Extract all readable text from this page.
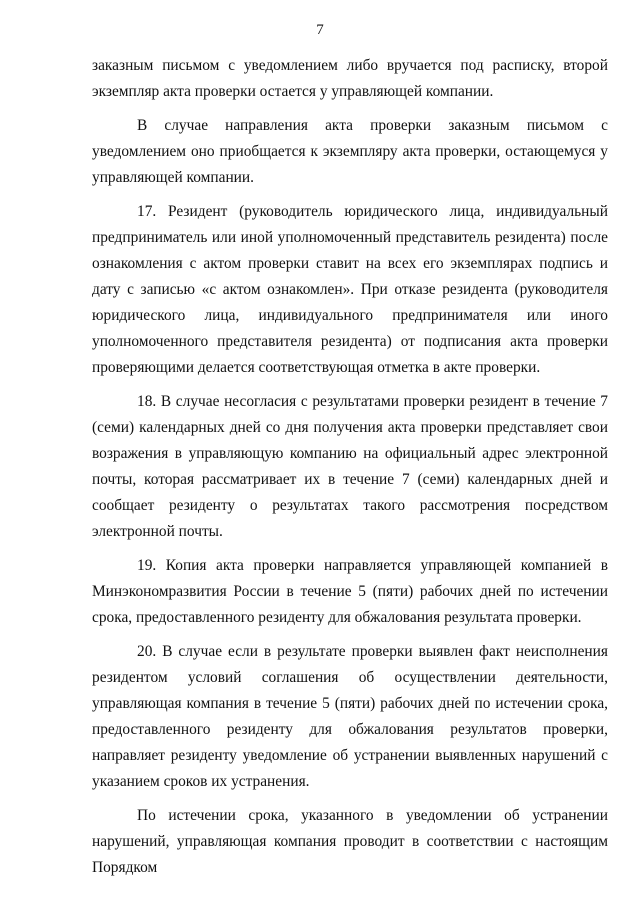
7

заказным письмом с уведомлением либо вручается под расписку, второй экземпляр акта проверки остается у управляющей компании.

В случае направления акта проверки заказным письмом с уведомлением оно приобщается к экземпляру акта проверки, остающемуся у управляющей компании.

17. Резидент (руководитель юридического лица, индивидуальный предприниматель или иной уполномоченный представитель резидента) после ознакомления с актом проверки ставит на всех его экземплярах подпись и дату с записью «с актом ознакомлен». При отказе резидента (руководителя юридического лица, индивидуального предпринимателя или иного уполномоченного представителя резидента) от подписания акта проверки проверяющими делается соответствующая отметка в акте проверки.

18. В случае несогласия с результатами проверки резидент в течение 7 (семи) календарных дней со дня получения акта проверки представляет свои возражения в управляющую компанию на официальный адрес электронной почты, которая рассматривает их в течение 7 (семи) календарных дней и сообщает резиденту о результатах такого рассмотрения посредством электронной почты.

19. Копия акта проверки направляется управляющей компанией в Минэкономразвития России в течение 5 (пяти) рабочих дней по истечении срока, предоставленного резиденту для обжалования результата проверки.

20. В случае если в результате проверки выявлен факт неисполнения резидентом условий соглашения об осуществлении деятельности, управляющая компания в течение 5 (пяти) рабочих дней по истечении срока, предоставленного резиденту для обжалования результатов проверки, направляет резиденту уведомление об устранении выявленных нарушений с указанием сроков их устранения.

По истечении срока, указанного в уведомлении об устранении нарушений, управляющая компания проводит в соответствии с настоящим Порядком
